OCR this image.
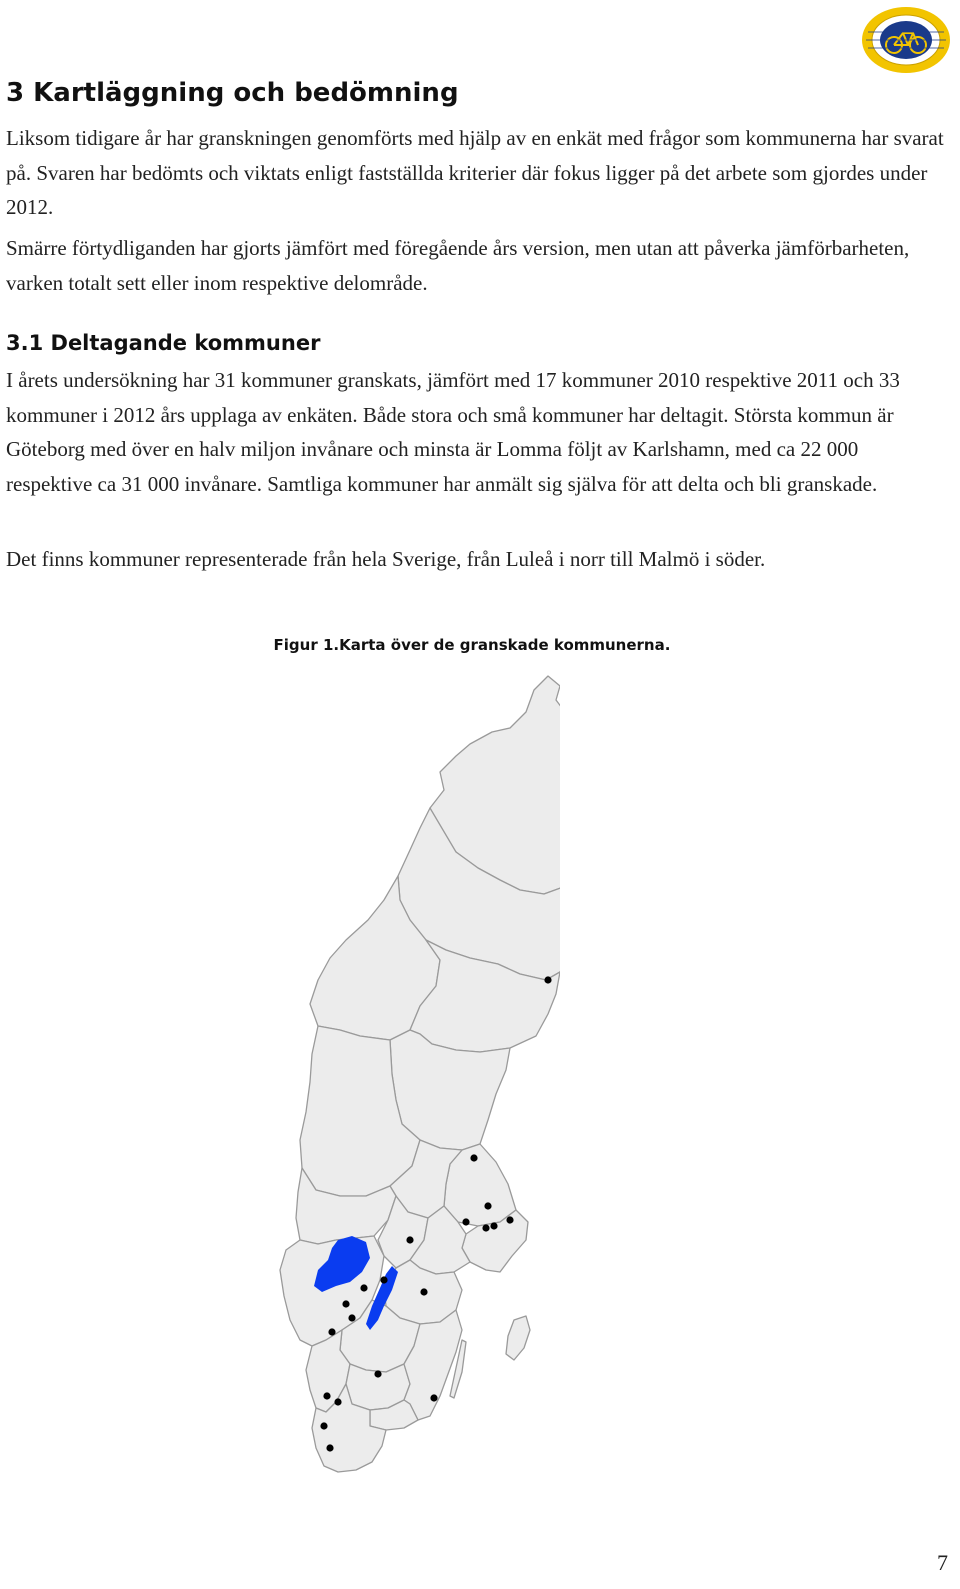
3 Kartläggning och bedömning

Liksom tidigare år har granskningen genomförts med hjälp av en enkät med frågor som kommunerna har svarat på. Svaren har bedömts och viktats enligt fastställda kriterier där fokus ligger på det arbete som gjordes under 2012.

Smärre förtydliganden har gjorts jämfört med föregående års version, men utan att påverka jämförbarheten, varken totalt sett eller inom respektive delområde.

3.1 Deltagande kommuner

I årets undersökning har 31 kommuner granskats, jämfört med 17 kommuner 2010 respektive 2011 och 33 kommuner i 2012 års upplaga av enkäten. Både stora och små kommuner har deltagit. Största kommun är Göteborg med över en halv miljon invånare och minsta är Lomma följt av Karlshamn, med ca 22 000 respektive ca 31 000 invånare. Samtliga kommuner har anmält sig själva för att delta och bli granskade.

Det finns kommuner representerade från hela Sverige, från Luleå i norr till Malmö i söder.

Figur 1.Karta över de granskade kommunerna.

7
